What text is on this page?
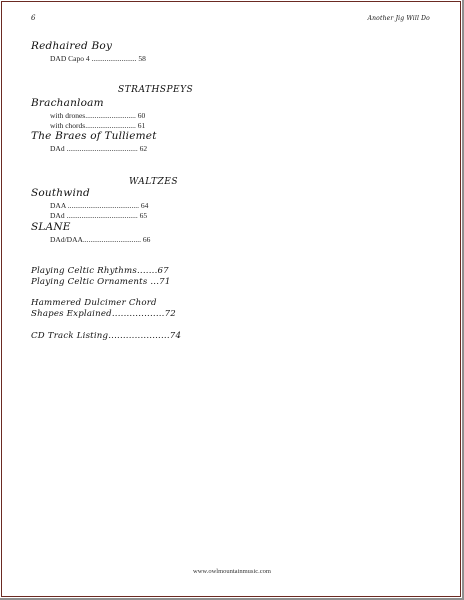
6	Another Jig Will Do
Redhaired Boy
DAD Capo 4 ........................ 58
STRATHSPEYS
Brachanloam
with drones........................... 60
with chords........................... 61
The Braes of Tulliemet
DAd ...................................... 62
WALTZES
Southwind
DAA ...................................... 64
DAd ...................................... 65
SLANE
DAd/DAA............................... 66
Playing Celtic Rhythms.......67
Playing Celtic Ornaments ...71
Hammered Dulcimer Chord
Shapes Explained..................72
CD Track Listing.....................74
www.owlmountainmusic.com
